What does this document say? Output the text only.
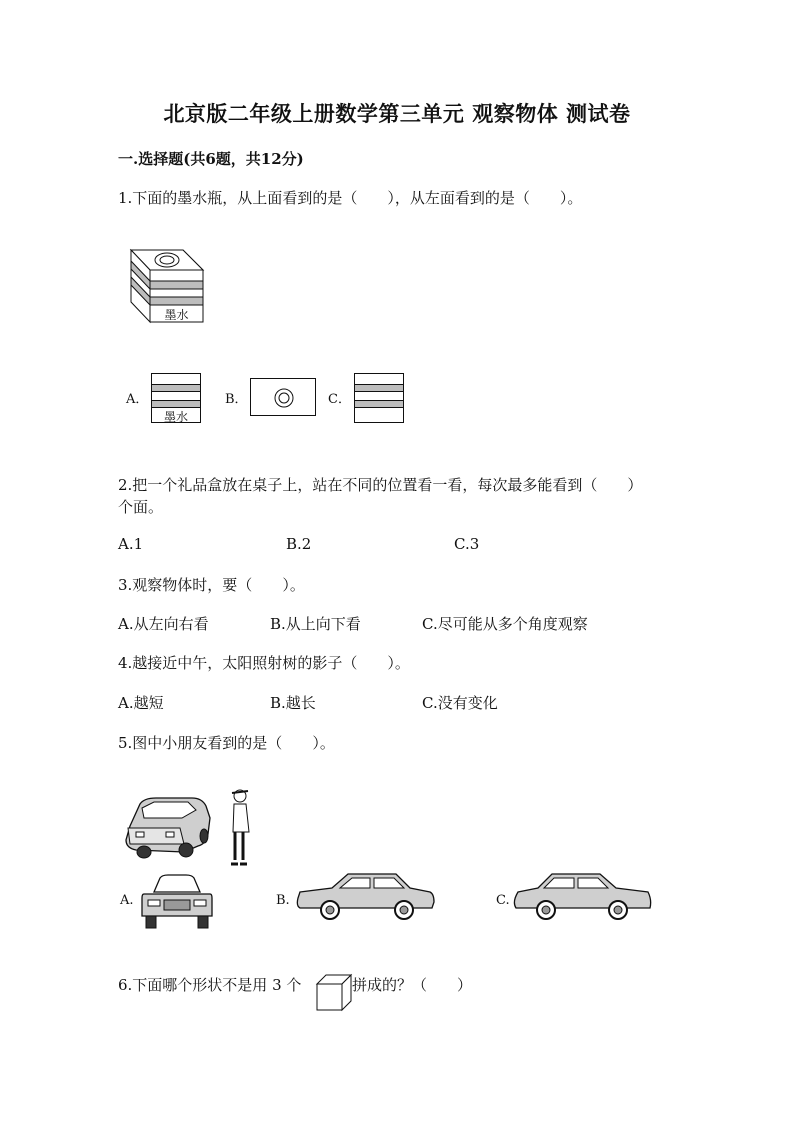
北京版二年级上册数学第三单元 观察物体 测试卷
一.选择题(共6题，共12分)
1.下面的墨水瓶，从上面看到的是（　　），从左面看到的是（　　）。
墨水
A．
墨水
B．	C．
2.把一个礼品盒放在桌子上，站在不同的位置看一看，每次最多能看到（　　）
个面。
A.1	B.2	C.3
3.观察物体时，要（　　）。
A.从左向右看	B.从上向下看	C.尽可能从多个角度观察
4.越接近中午，太阳照射树的影子（　　）。
A.越短	B.越长	C.没有变化
5.图中小朋友看到的是（　　）。
A.	B.	C.
6.下面哪个形状不是用 3 个	拼成的？（　　）
